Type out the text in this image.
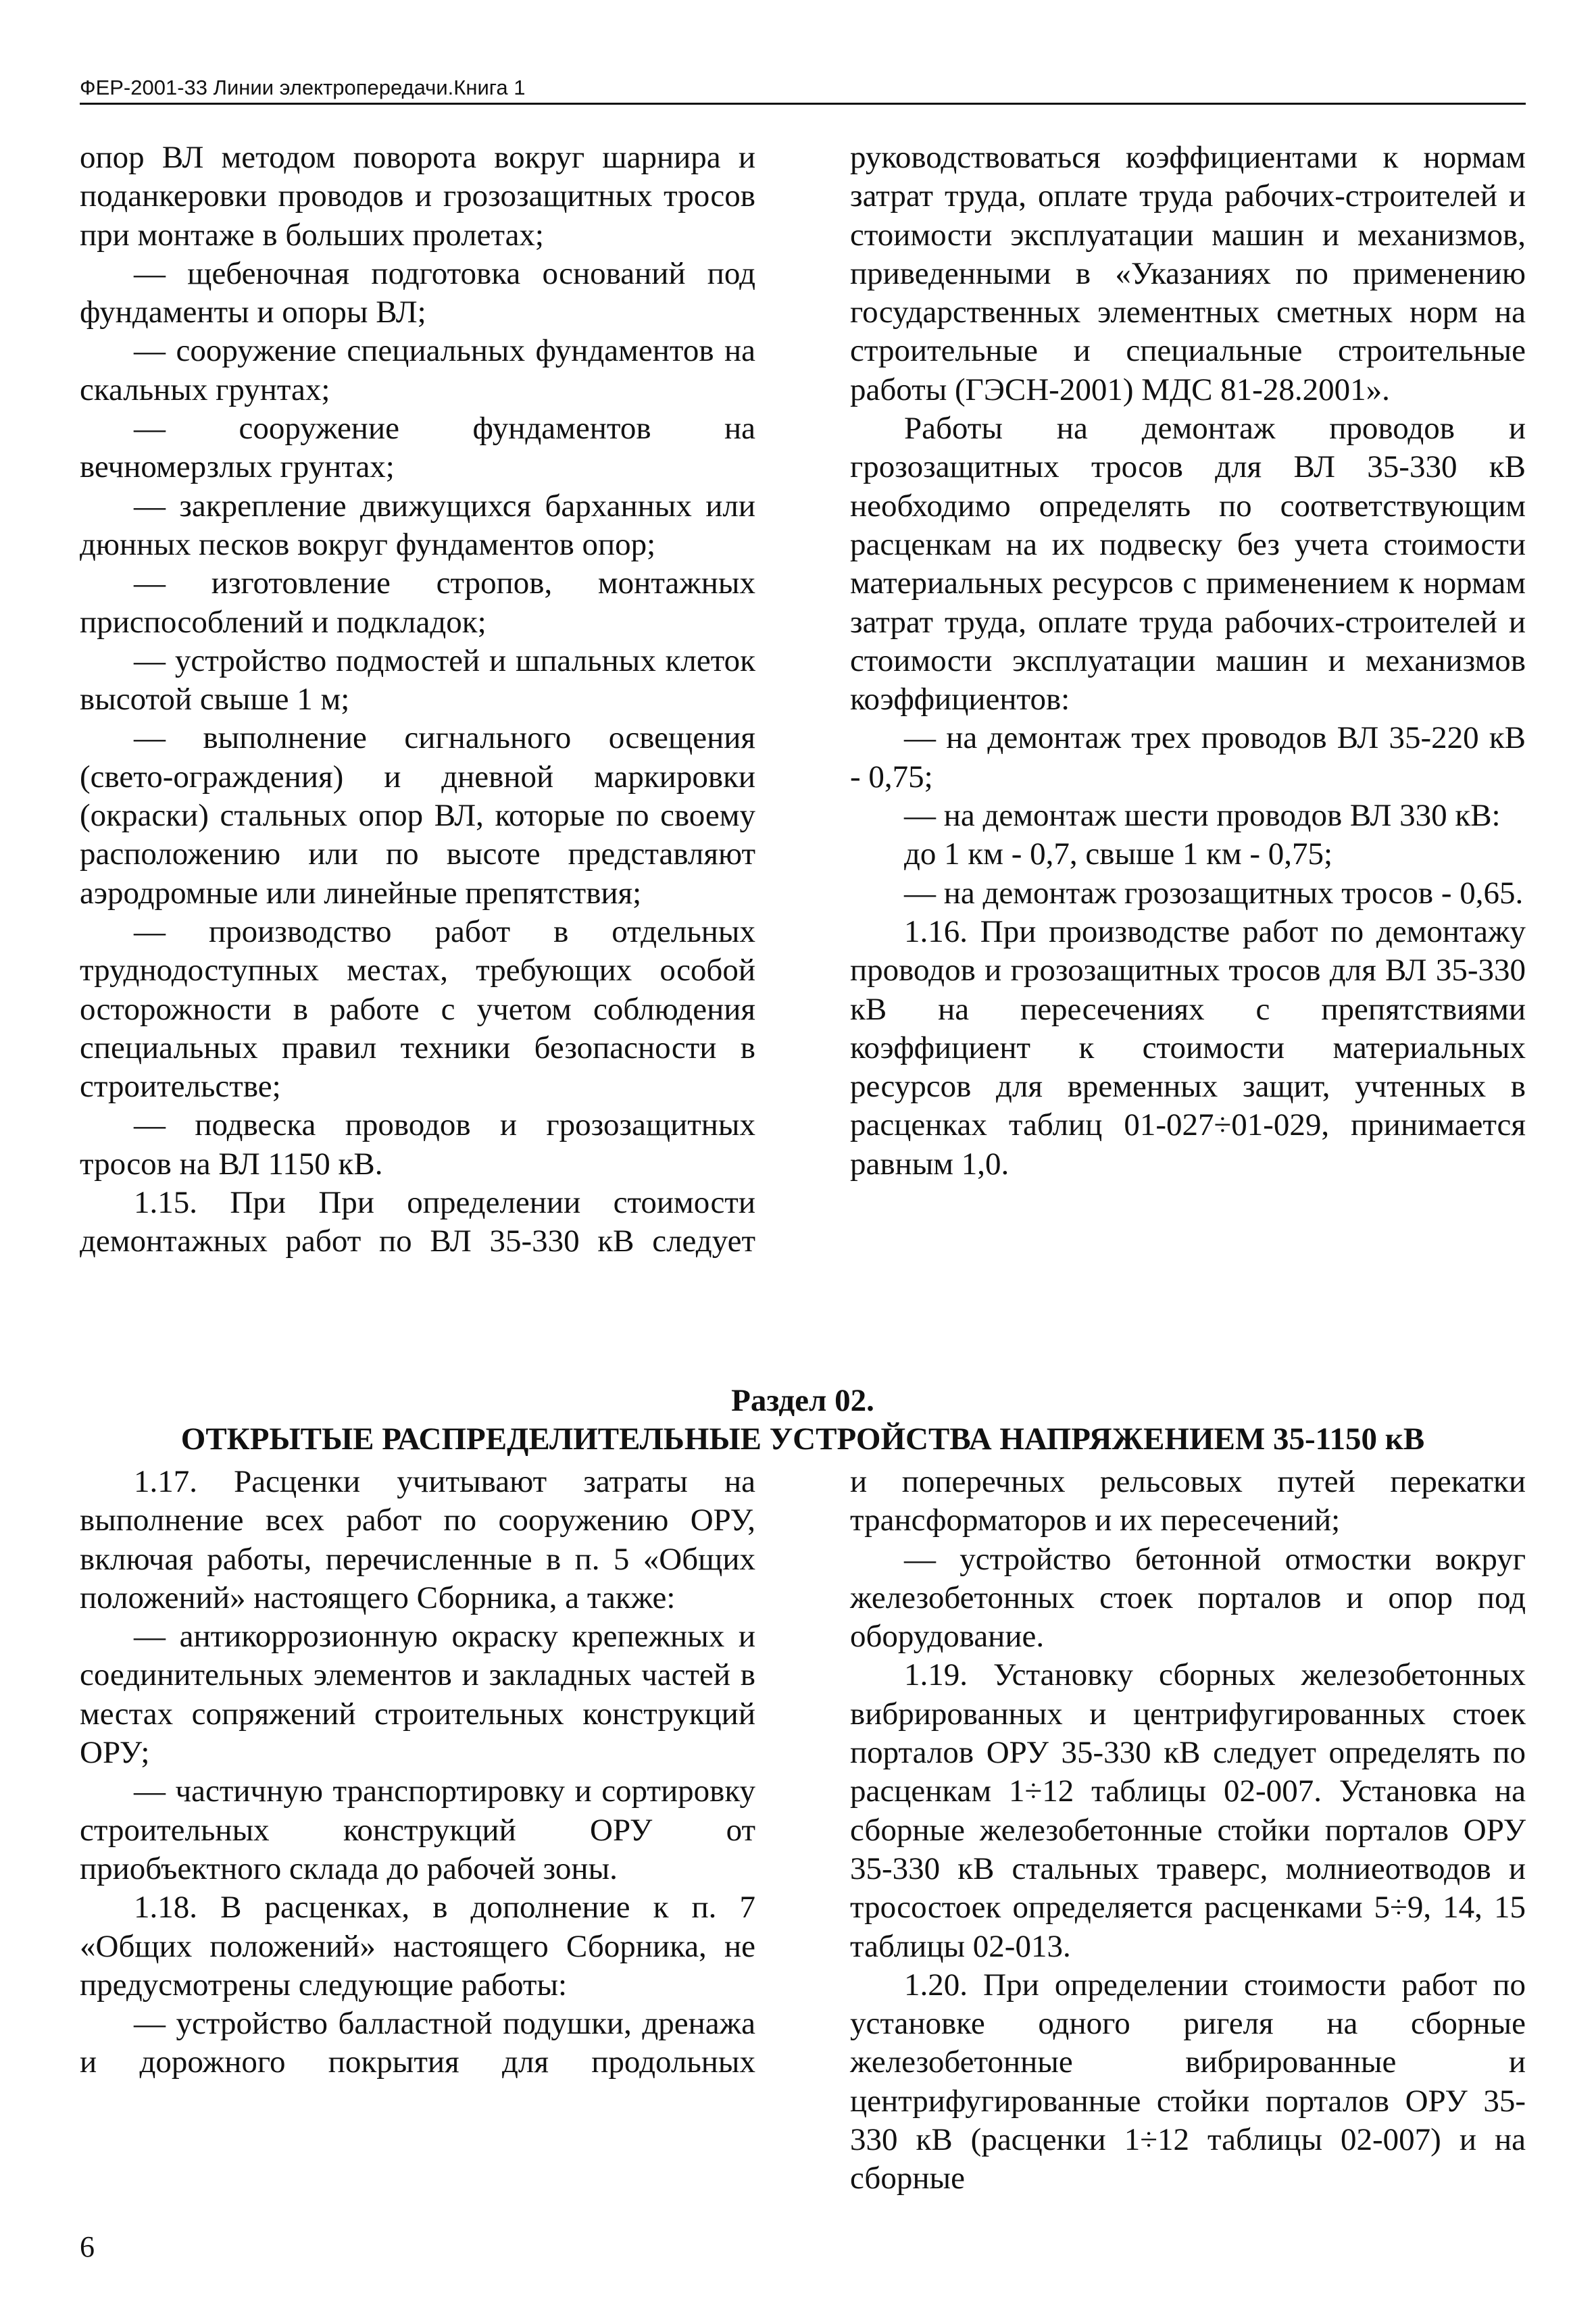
ФЕР-2001-33 Линии электропередачи.Книга 1

опор ВЛ методом поворота вокруг шарнира и поданкеровки проводов и грозозащитных тросов при монтаже в больших пролетах;

— щебеночная подготовка оснований под фундаменты и опоры ВЛ;

— сооружение специальных фундаментов на скальных грунтах;

— сооружение фундаментов на вечномерзлых грунтах;

— закрепление движущихся барханных или дюнных песков вокруг фундаментов опор;

— изготовление стропов, монтажных приспособлений и подкладок;

— устройство подмостей и шпальных клеток высотой свыше 1 м;

— выполнение сигнального освещения (свето-ограждения) и дневной маркировки (окраски) стальных опор ВЛ, которые по своему расположению или по высоте представляют аэродромные или линейные препятствия;

— производство работ в отдельных труднодоступных местах, требующих особой осторожности в работе с учетом соблюдения специальных правил техники безопасности в строительстве;

— подвеска проводов и грозозащитных тросов на ВЛ 1150 кВ.

1.15. При При определении стоимости демонтажных работ по ВЛ 35-330 кВ следует

руководствоваться коэффициентами к нормам затрат труда, оплате труда рабочих-строителей и стоимости эксплуатации машин и механизмов, приведенными в «Указаниях по применению государственных элементных сметных норм на строительные и специальные строительные работы (ГЭСН-2001) МДС 81-28.2001».

Работы на демонтаж проводов и грозозащитных тросов для ВЛ 35-330 кВ необходимо определять по соответствующим расценкам на их подвеску без учета стоимости материальных ресурсов с применением к нормам затрат труда, оплате труда рабочих-строителей и стоимости эксплуатации машин и механизмов коэффициентов:

— на демонтаж трех проводов ВЛ 35-220 кВ - 0,75;

— на демонтаж шести проводов ВЛ 330 кВ:

до 1 км - 0,7, свыше 1 км - 0,75;

— на демонтаж грозозащитных тросов - 0,65.

1.16. При производстве работ по демонтажу проводов и грозозащитных тросов для ВЛ 35-330 кВ на пересечениях с препятствиями коэффициент к стоимости материальных ресурсов для временных защит, учтенных в расценках таблиц 01-027÷01-029, принимается равным 1,0.

Раздел 02.
ОТКРЫТЫЕ РАСПРЕДЕЛИТЕЛЬНЫЕ УСТРОЙСТВА НАПРЯЖЕНИЕМ 35-1150 кВ

1.17. Расценки учитывают затраты на выполнение всех работ по сооружению ОРУ, включая работы, перечисленные в п. 5 «Общих положений» настоящего Сборника, а также:

— антикоррозионную окраску крепежных и соединительных элементов и закладных частей в местах сопряжений строительных конструкций ОРУ;

— частичную транспортировку и сортировку строительных конструкций ОРУ от приобъектного склада до рабочей зоны.

1.18. В расценках, в дополнение к п. 7 «Общих положений» настоящего Сборника, не предусмотрены следующие работы:

— устройство балластной подушки, дренажа и дорожного покрытия для продольных

и поперечных рельсовых путей перекатки трансформаторов и их пересечений;

— устройство бетонной отмостки вокруг железобетонных стоек порталов и опор под оборудование.

1.19. Установку сборных железобетонных вибрированных и центрифугированных стоек порталов ОРУ 35-330 кВ следует определять по расценкам 1÷12 таблицы 02-007. Установка на сборные железобетонные стойки порталов ОРУ 35-330 кВ стальных траверс, молниеотводов и тросостоек определяется расценками 5÷9, 14, 15 таблицы 02-013.

1.20. При определении стоимости работ по установке одного ригеля на сборные железобетонные вибрированные и центрифугированные стойки порталов ОРУ 35-330 кВ (расценки 1÷12 таблицы 02-007) и на сборные

6
